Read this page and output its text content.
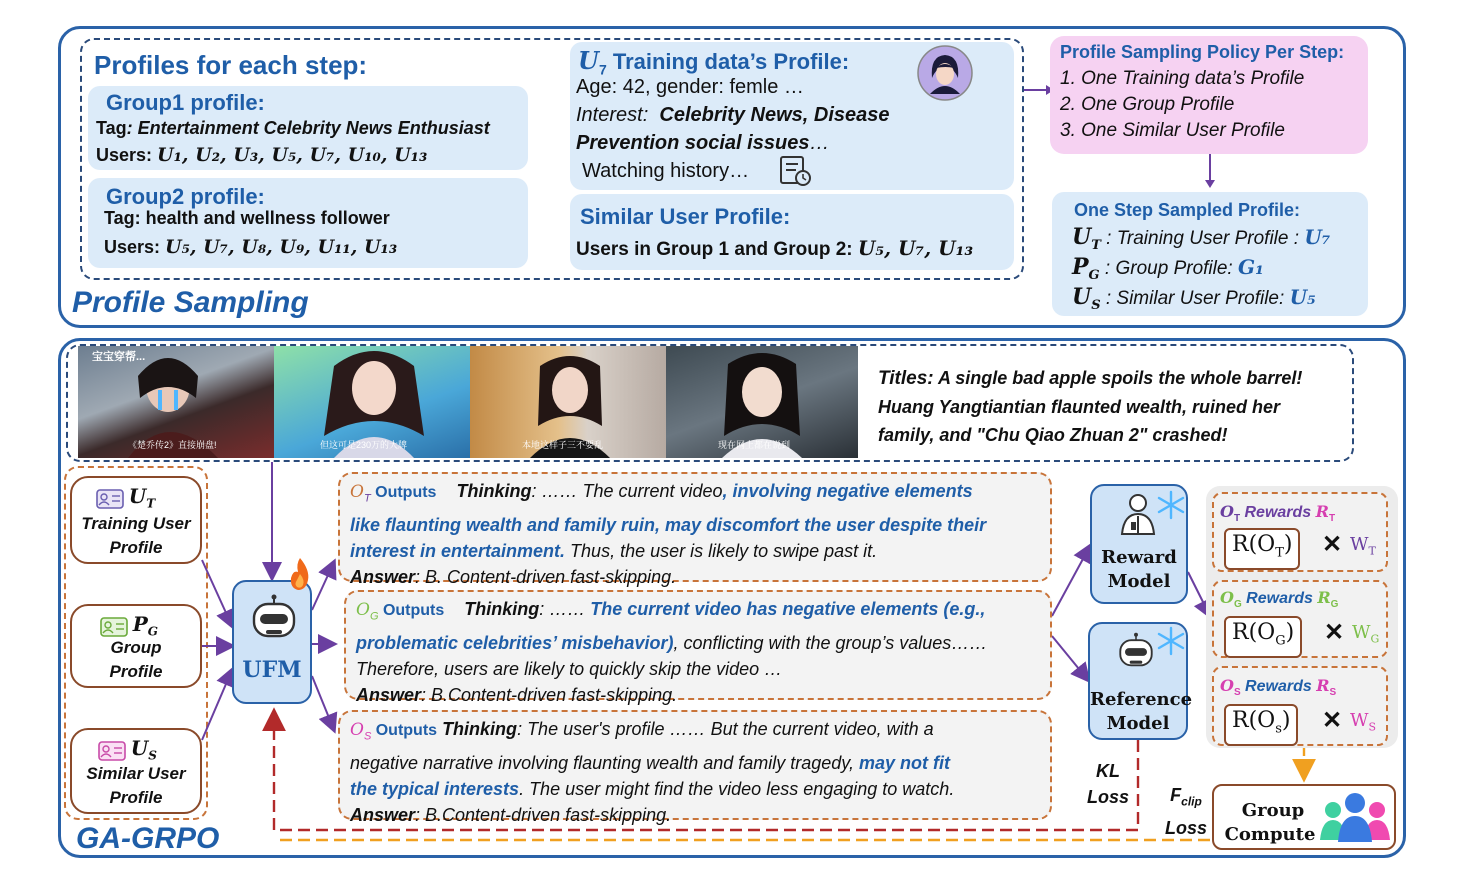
Profiles for each step:
Group1 profile:
Tag: Entertainment Celebrity News Enthusiast
Users: U₁, U₂, U₃, U₅, U₇, U₁₀, U₁₃
Group2 profile:
Tag: health and wellness follower
Users: U₅, U₇, U₈, U₉, U₁₁, U₁₃
$U_7$ Training data’s Profile:
Age: 42, gender: femle …
Interest: Celebrity News, Disease
Prevention social issues…
Watching history…
Similar User Profile:
Users in Group 1 and Group 2: U₅, U₇, U₁₃
Profile Sampling Policy Per Step:
1. One Training data’s Profile
2. One Group Profile
3. One Similar User Profile
One Step Sampled Profile:
$U_T$ : Training User Profile : U₇
$P_G$ : Group Profile: G₁
$U_S$ : Similar User Profile: U₅
Profile Sampling
宝宝穿帮...
《楚乔传2》直接崩盘!	但这可是230万的大牌	本地这样子三不要乱	现在网上都在说到
Titles: A single bad apple spoils the whole barrel!
Huang Yangtiantian flaunted wealth, ruined her
family, and "Chu Qiao Zhuan 2" crashed!
$U_T$
Training User
Profile
$P_G$
Group
Profile
$U_S$
Similar User
Profile
UFM
$O_T$ Outputs Thinking: …… The current video, involving negative elements
like flaunting wealth and family ruin, may discomfort the user despite their
interest in entertainment. Thus, the user is likely to swipe past it.
Answer: B. Content-driven fast-skipping.
$O_G$ Outputs Thinking: …… The current video has negative elements (e.g.,
problematic celebrities’ misbehavior), conflicting with the group’s values……
Therefore, users are likely to quickly skip the video …
Answer: B.Content-driven fast-skipping.
$O_S$ Outputs Thinking: The user's profile …… But the current video, with a
negative narrative involving flaunting wealth and family tragedy, may not fit
the typical interests. The user might find the video less engaging to watch.
Answer: B.Content-driven fast-skipping.
Reward
Model
Reference
Model
KL
Loss	$F_{clip}$
Loss
$O_T$ Rewards $R_T$
$R(O_T)$	✕ $W_T$
$O_G$ Rewards $R_G$
$R(O_G)$	✕ $W_G$
$O_S$ Rewards $R_S$
$R(O_s)$	✕ $W_S$
Group
Compute
GA-GRPO
